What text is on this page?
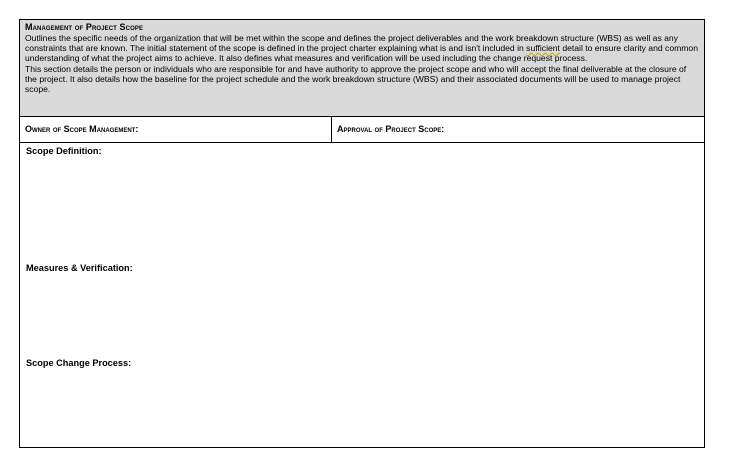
Management of Project Scope

Outlines the specific needs of the organization that will be met within the scope and defines the project deliverables and the work breakdown structure (WBS) as well as any constraints that are known. The initial statement of the scope is defined in the project charter explaining what is and isn't included in sufficient detail to ensure clarity and common understanding of what the project aims to achieve. It also defines what measures and verification will be used including the change request process.

This section details the person or individuals who are responsible for and have authority to approve the project scope and who will accept the final deliverable at the closure of the project. It also details how the baseline for the project schedule and the work breakdown structure (WBS) and their associated documents will be used to manage project scope.

Owner of Scope Management:	Approval of Project Scope:
Scope Definition:
Measures & Verification:
Scope Change Process:
